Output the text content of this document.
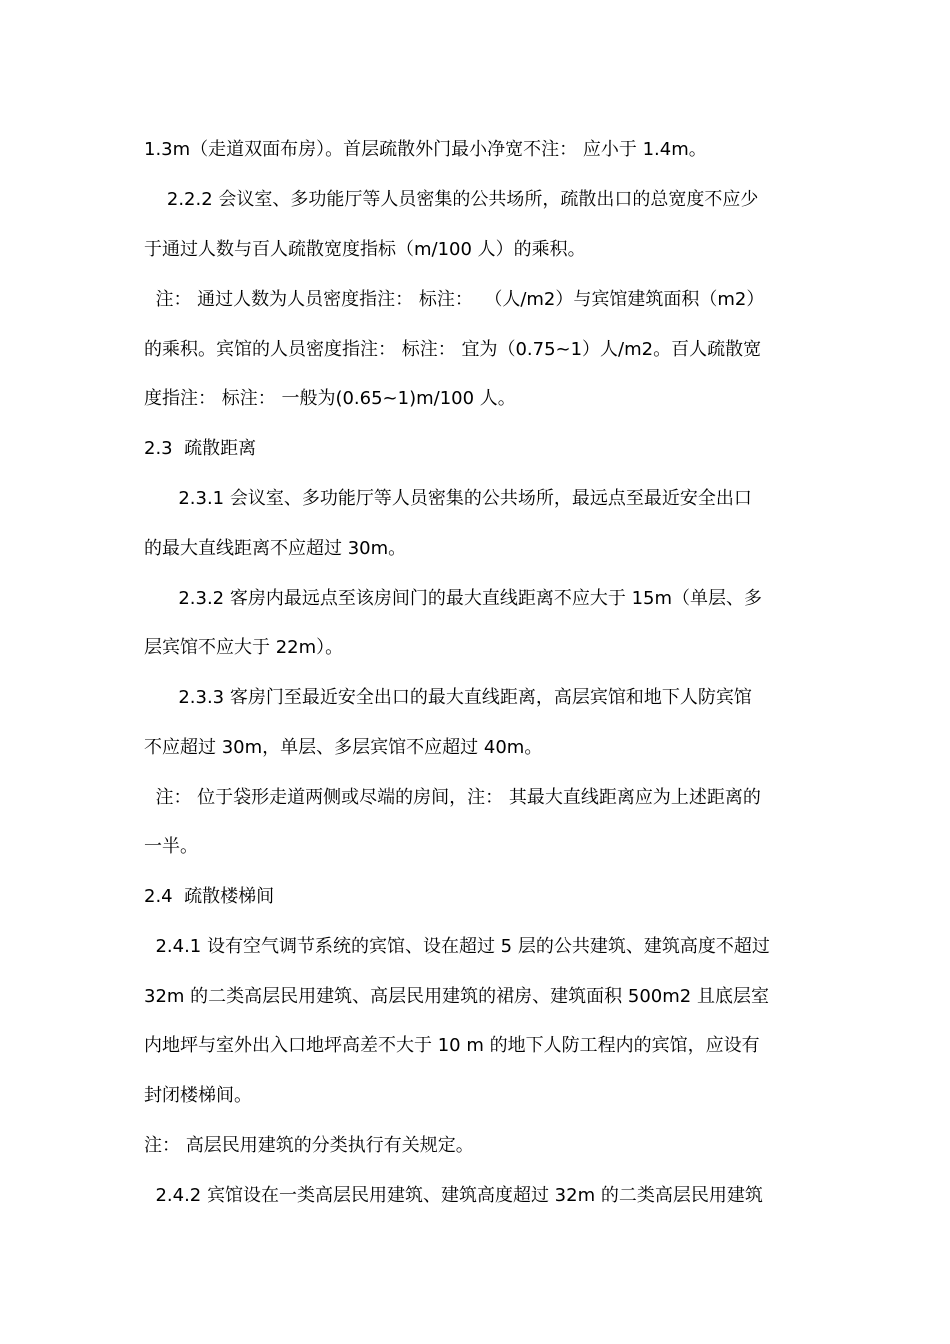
1.3m（走道双面布房）。首层疏散外门最小净宽不注： 应小于 1.4m。
2.2.2 会议室、多功能厅等人员密集的公共场所，疏散出口的总宽度不应少
于通过人数与百人疏散宽度指标（m/100 人）的乘积。
注： 通过人数为人员密度指注： 标注：  （人/m2）与宾馆建筑面积（m2）
的乘积。宾馆的人员密度指注： 标注： 宜为（0.75~1）人/m2。百人疏散宽
度指注： 标注： 一般为(0.65~1)m/100 人。
2.3  疏散距离
2.3.1 会议室、多功能厅等人员密集的公共场所，最远点至最近安全出口
的最大直线距离不应超过 30m。
2.3.2 客房内最远点至该房间门的最大直线距离不应大于 15m（单层、多
层宾馆不应大于 22m）。
2.3.3 客房门至最近安全出口的最大直线距离，高层宾馆和地下人防宾馆
不应超过 30m，单层、多层宾馆不应超过 40m。
注： 位于袋形走道两侧或尽端的房间，注： 其最大直线距离应为上述距离的
一半。
2.4  疏散楼梯间
2.4.1 设有空气调节系统的宾馆、设在超过 5 层的公共建筑、建筑高度不超过
32m 的二类高层民用建筑、高层民用建筑的裙房、建筑面积 500m2 且底层室
内地坪与室外出入口地坪高差不大于 10 m 的地下人防工程内的宾馆，应设有
封闭楼梯间。
注： 高层民用建筑的分类执行有关规定。
2.4.2 宾馆设在一类高层民用建筑、建筑高度超过 32m 的二类高层民用建筑
